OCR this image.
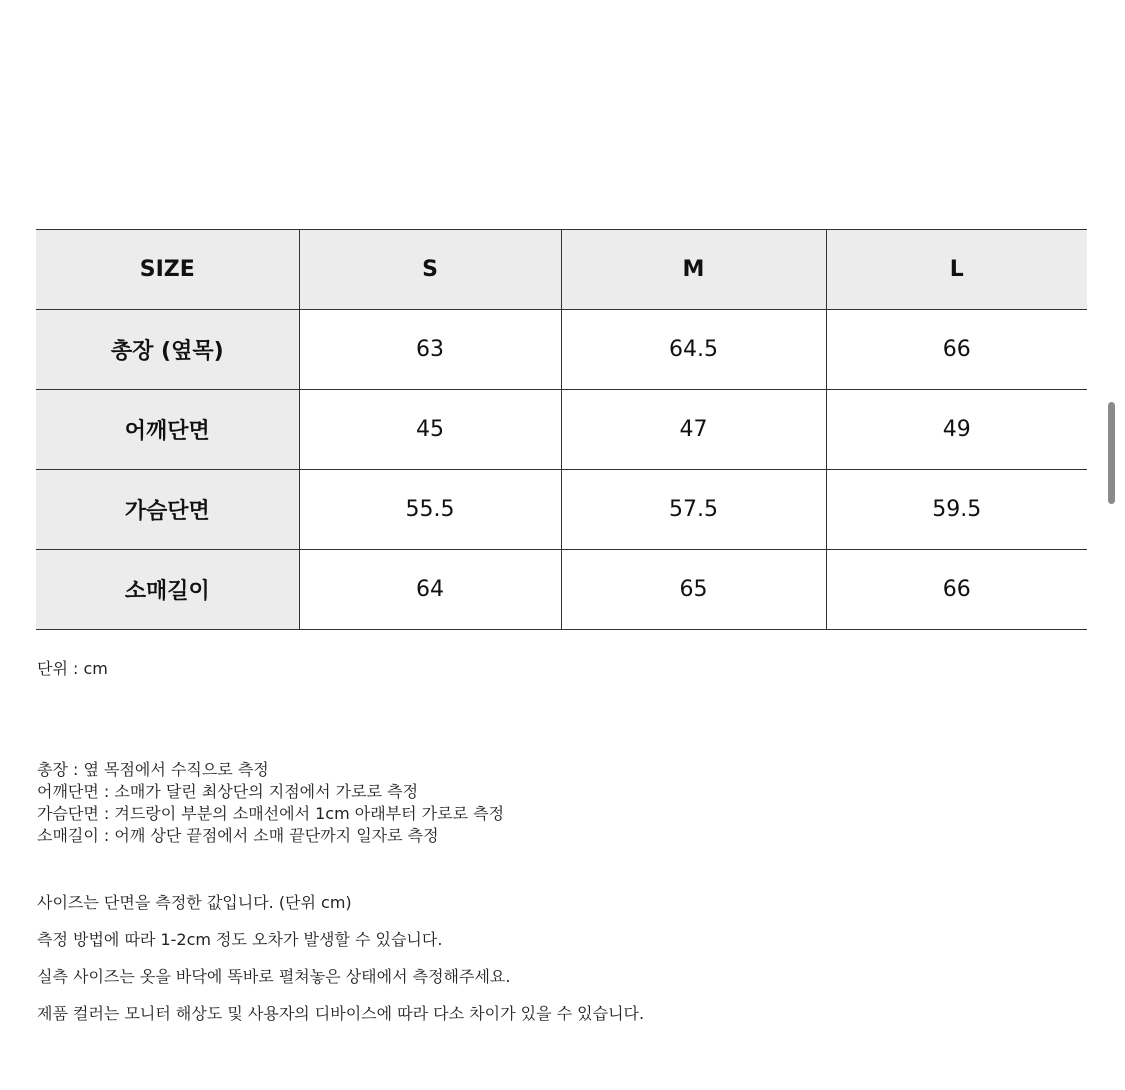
SIZE	S	M	L
총장 (옆목)	63	64.5	66
어깨단면	45	47	49
가슴단면	55.5	57.5	59.5
소매길이	64	65	66
단위 : cm
총장 : 옆 목점에서 수직으로 측정
어깨단면 : 소매가 달린 최상단의 지점에서 가로로 측정
가슴단면 : 겨드랑이 부분의 소매선에서 1cm 아래부터 가로로 측정
소매길이 : 어깨 상단 끝점에서 소매 끝단까지 일자로 측정
사이즈는 단면을 측정한 값입니다. (단위 cm)
측정 방법에 따라 1-2cm 정도 오차가 발생할 수 있습니다.
실측 사이즈는 옷을 바닥에 똑바로 펼쳐놓은 상태에서 측정해주세요.
제품 컬러는 모니터 해상도 및 사용자의 디바이스에 따라 다소 차이가 있을 수 있습니다.
